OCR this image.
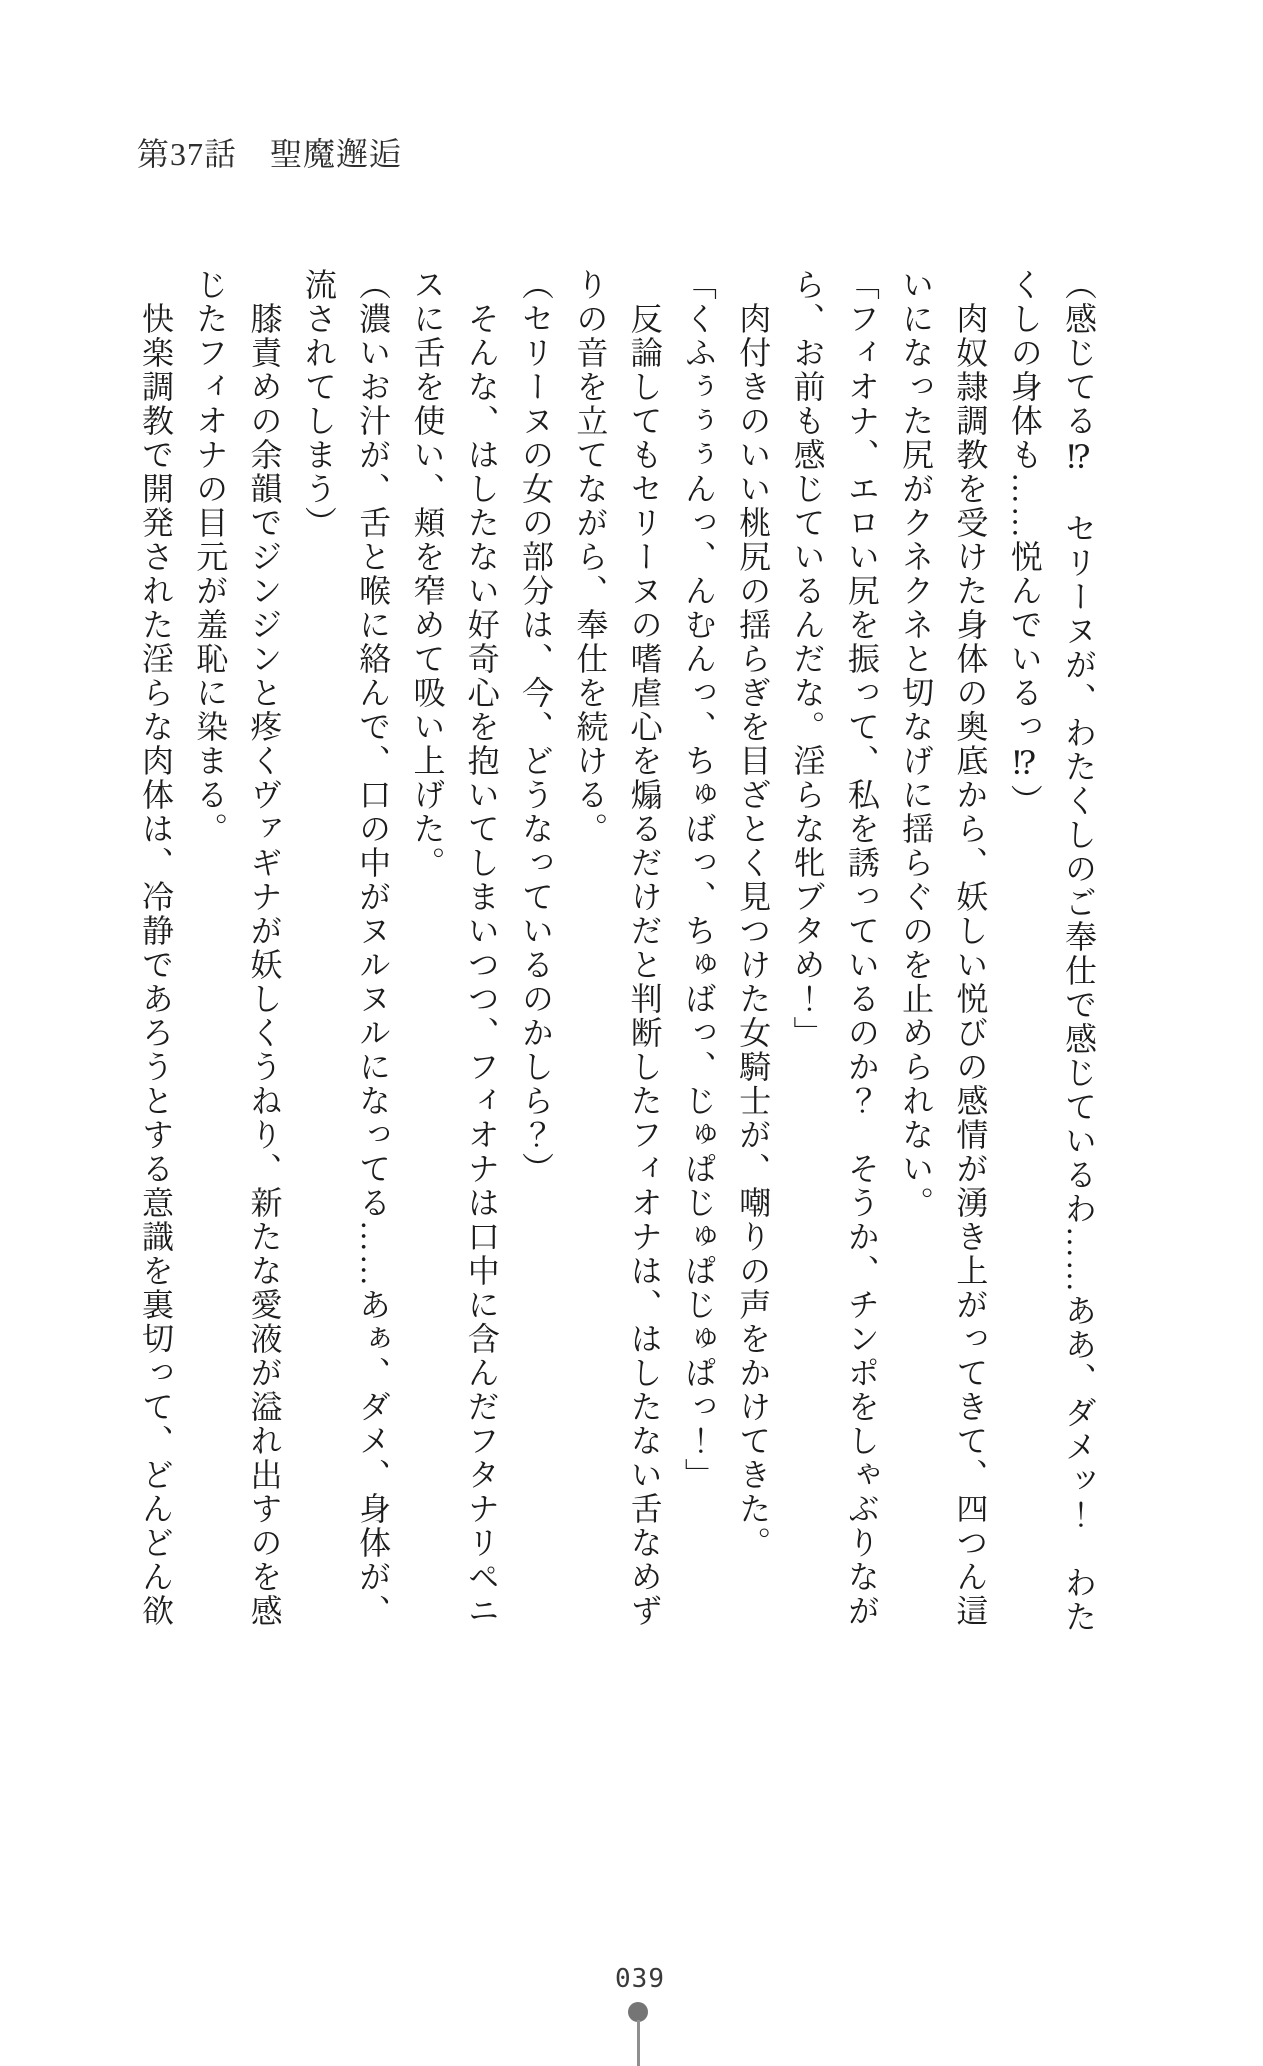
第37話　聖魔邂逅
（感じてる⁉　セリーヌが、わたくしのご奉仕で感じているわ……ああ、ダメッ！　わた
くしの身体も……悦んでいるっ⁉）
肉奴隷調教を受けた身体の奥底から、妖しい悦びの感情が湧き上がってきて、四つん這
いになった尻がクネクネと切なげに揺らぐのを止められない。
「フィオナ、エロい尻を振って、私を誘っているのか？　そうか、チンポをしゃぶりなが
ら、お前も感じているんだな。淫らな牝ブタめ！」
肉付きのいい桃尻の揺らぎを目ざとく見つけた女騎士が、嘲りの声をかけてきた。
「くふぅぅぅんっ、んむんっ、ちゅばっ、ちゅばっ、じゅぱじゅぱじゅぱっ！」
反論してもセリーヌの嗜虐心を煽るだけだと判断したフィオナは、はしたない舌なめず
りの音を立てながら、奉仕を続ける。
（セリーヌの女の部分は、今、どうなっているのかしら？）
そんな、はしたない好奇心を抱いてしまいつつ、フィオナは口中に含んだフタナリペニ
スに舌を使い、頬を窄めて吸い上げた。
（濃いお汁が、舌と喉に絡んで、口の中がヌルヌルになってる……あぁ、ダメ、身体が、
流されてしまう）
膝責めの余韻でジンジンと疼くヴァギナが妖しくうねり、新たな愛液が溢れ出すのを感
じたフィオナの目元が羞恥に染まる。
快楽調教で開発された淫らな肉体は、冷静であろうとする意識を裏切って、どんどん欲
039
